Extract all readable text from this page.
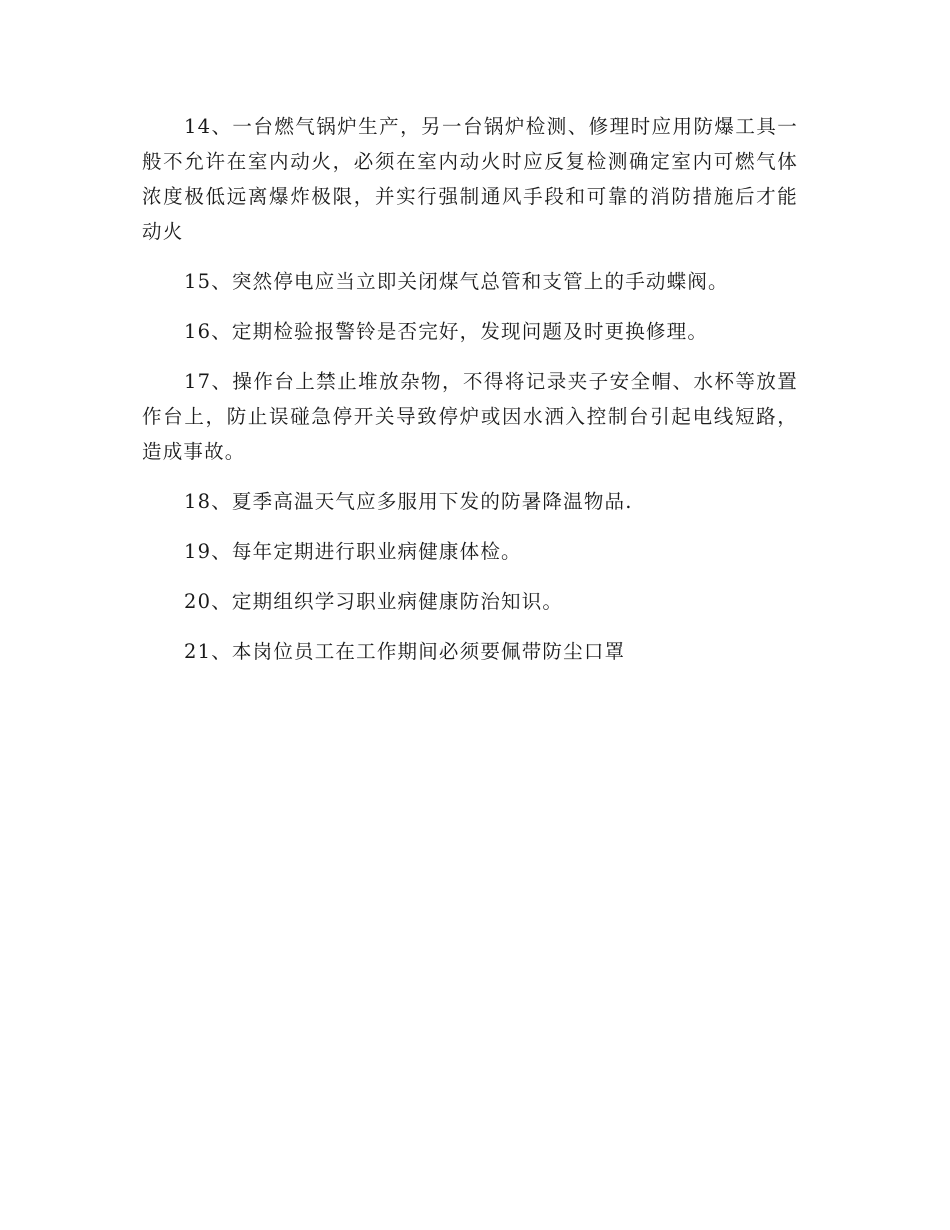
14、一台燃气锅炉生产，另一台锅炉检测、修理时应用防爆工具一般不允许在室内动火，必须在室内动火时应反复检测确定室内可燃气体浓度极低远离爆炸极限，并实行强制通风手段和可靠的消防措施后才能动火

15、突然停电应当立即关闭煤气总管和支管上的手动蝶阀。

16、定期检验报警铃是否完好，发现问题及时更换修理。

17、操作台上禁止堆放杂物，不得将记录夹子安全帽、水杯等放置作台上，防止误碰急停开关导致停炉或因水洒入控制台引起电线短路，造成事故。

18、夏季高温天气应多服用下发的防暑降温物品.

19、每年定期进行职业病健康体检。

20、定期组织学习职业病健康防治知识。

21、本岗位员工在工作期间必须要佩带防尘口罩
